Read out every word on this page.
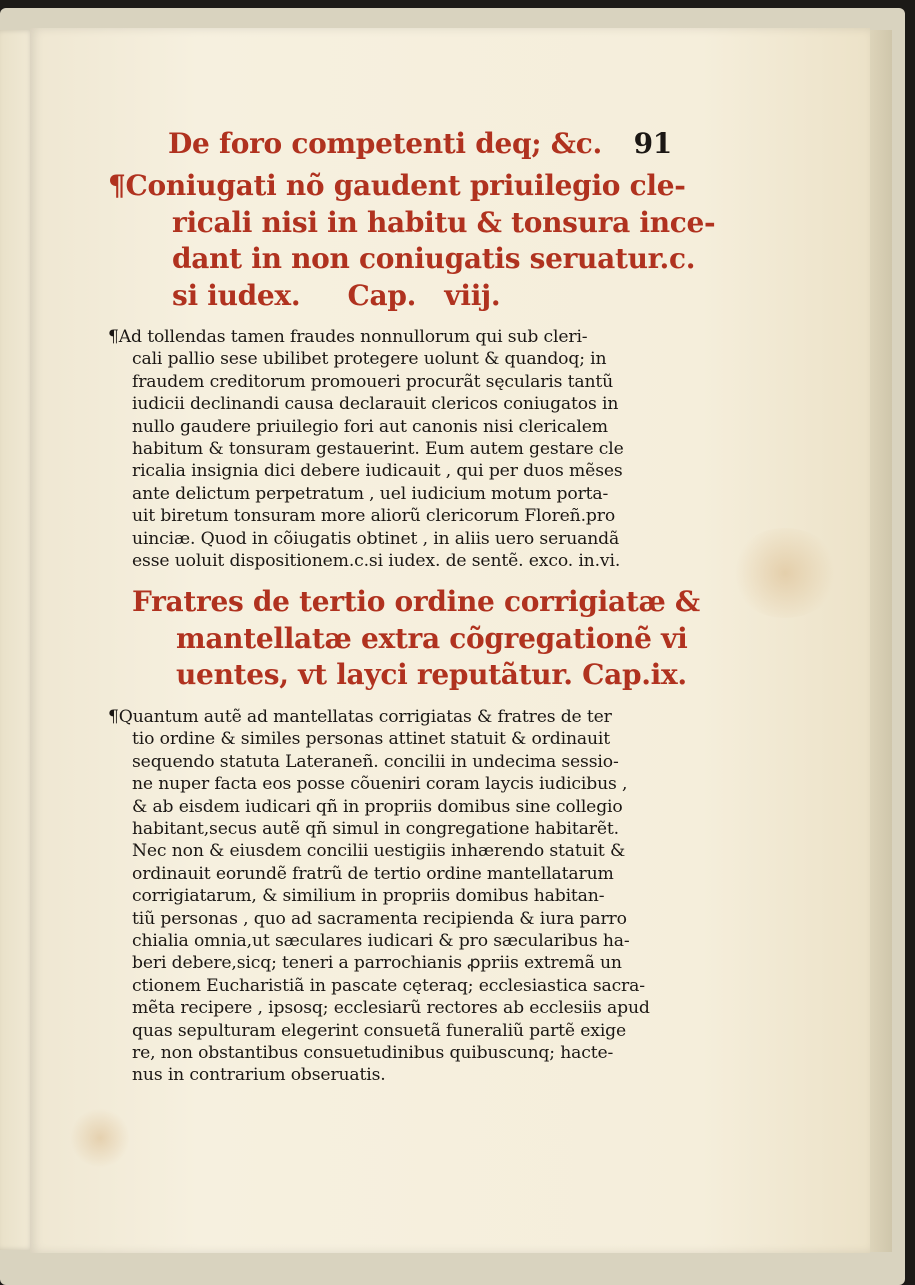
De foro competenti deq; &c. 91
¶Coniugati nõ gaudent priuilegio cle-
ricali nisi in habitu & tonsura ince-
dant in non coniugatis seruatur.c.
si iudex.     Cap.   viij.
¶Ad tollendas tamen fraudes nonnullorum qui sub cleri-
cali pallio sese ubilibet protegere uolunt & quandoq; in
fraudem creditorum promoueri procurãt sęcularis tantũ
iudicii declinandi causa declarauit clericos coniugatos in
nullo gaudere priuilegio fori aut canonis nisi clericalem
habitum & tonsuram gestauerint. Eum autem gestare cle
ricalia insignia dici debere iudicauit , qui per duos mẽses
ante delictum perpetratum , uel iudicium motum porta-
uit biretum tonsuram more aliorũ clericorum Floreñ.pro
uinciæ. Quod in cõiugatis obtinet , in aliis uero seruandã
esse uoluit dispositionem.c.si iudex. de sentẽ. exco. in.vi.
Fratres de tertio ordine corrigiatæ &
mantellatæ extra cõgregationẽ vi
uentes, vt layci reputãtur. Cap.ix.
¶Quantum autẽ ad mantellatas corrigiatas & fratres de ter
tio ordine & similes personas attinet statuit & ordinauit
sequendo statuta Lateraneñ. concilii in undecima sessio-
ne nuper facta eos posse cõueniri coram laycis iudicibus ,
& ab eisdem iudicari qñ in propriis domibus sine collegio
habitant,secus autẽ qñ simul in congregatione habitarẽt.
Nec non & eiusdem concilii uestigiis inhærendo statuit &
ordinauit eorundẽ fratrũ de tertio ordine mantellatarum
corrigiatarum, & similium in propriis domibus habitan-
tiũ personas , quo ad sacramenta recipienda & iura parro
chialia omnia,ut sæculares iudicari & pro sæcularibus ha-
beri debere,sicq; teneri a parrochianis ꝓpriis extremã un
ctionem Eucharistiã in pascate cęteraq; ecclesiastica sacra-
mẽta recipere , ipsosq; ecclesiarũ rectores ab ecclesiis apud
quas sepulturam elegerint consuetã funeraliũ partẽ exige
re, non obstantibus consuetudinibus quibuscunq; hacte-
nus in contrarium obseruatis.
